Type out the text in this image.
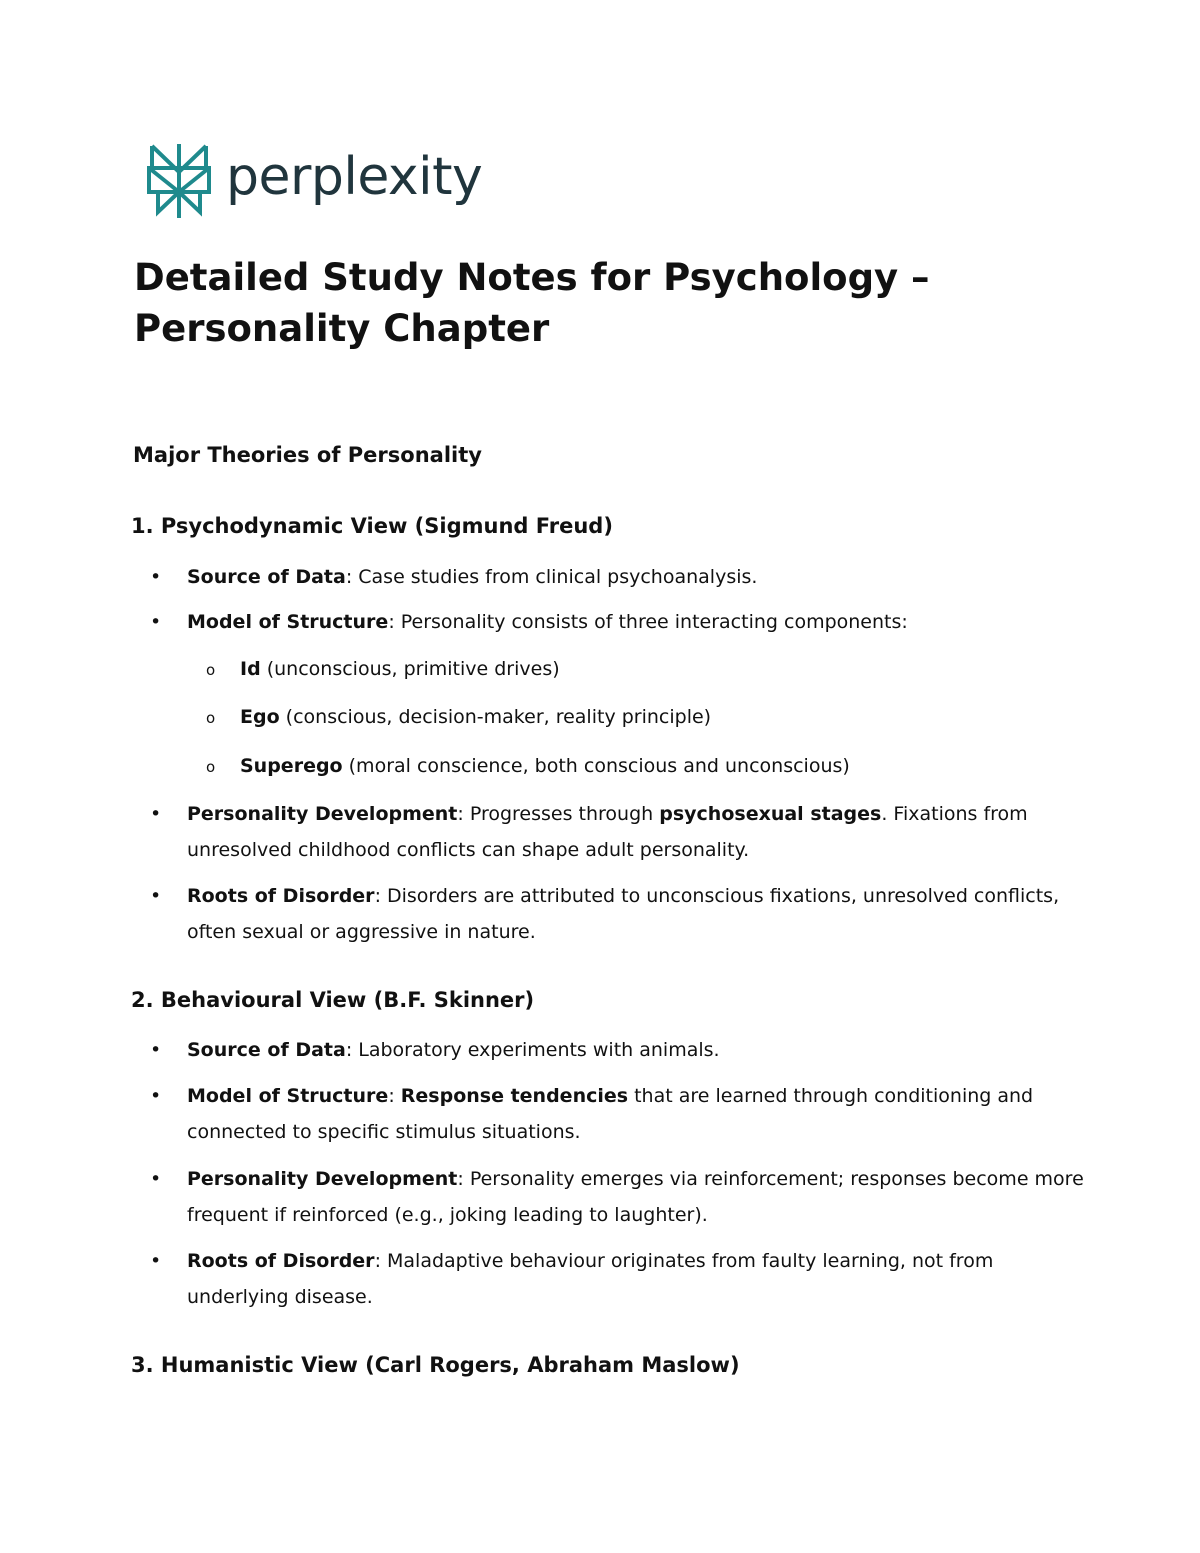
perplexity
Detailed Study Notes for Psychology – Personality Chapter
Major Theories of Personality
1. Psychodynamic View (Sigmund Freud)
• Source of Data: Case studies from clinical psychoanalysis.
• Model of Structure: Personality consists of three interacting components:
o Id (unconscious, primitive drives)
o Ego (conscious, decision-maker, reality principle)
o Superego (moral conscience, both conscious and unconscious)
• Personality Development: Progresses through psychosexual stages. Fixations from unresolved childhood conflicts can shape adult personality.
• Roots of Disorder: Disorders are attributed to unconscious fixations, unresolved conflicts, often sexual or aggressive in nature.
2. Behavioural View (B.F. Skinner)
• Source of Data: Laboratory experiments with animals.
• Model of Structure: Response tendencies that are learned through conditioning and connected to specific stimulus situations.
• Personality Development: Personality emerges via reinforcement; responses become more frequent if reinforced (e.g., joking leading to laughter).
• Roots of Disorder: Maladaptive behaviour originates from faulty learning, not from underlying disease.
3. Humanistic View (Carl Rogers, Abraham Maslow)
